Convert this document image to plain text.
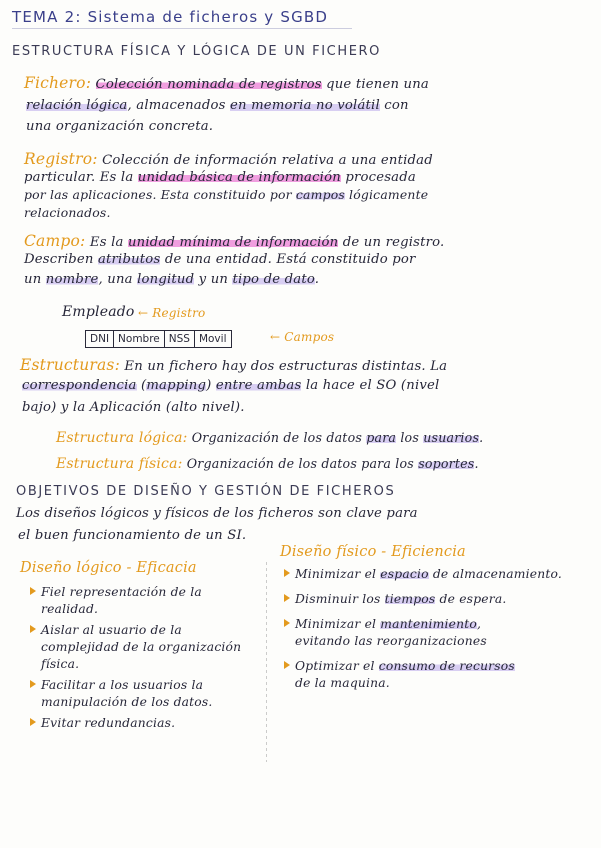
TEMA 2: Sistema de ficheros y SGBD
ESTRUCTURA FÍSICA Y LÓGICA DE UN FICHERO
Fichero: Colección nominada de registros que tienen una
relación lógica, almacenados en memoria no volátil con
una organización concreta.
Registro: Colección de información relativa a una entidad
particular. Es la unidad básica de información procesada
por las aplicaciones. Esta constituido por campos lógicamente
relacionados.
Campo: Es la unidad mínima de información de un registro.
Describen atributos de una entidad. Está constituido por
un nombre, una longitud y un tipo de dato.
Empleado ← Registro
DNI Nombre NSS Movil	← Campos
Estructuras: En un fichero hay dos estructuras distintas. La
correspondencia (mapping) entre ambas la hace el SO (nivel
bajo) y la Aplicación (alto nivel).
Estructura lógica: Organización de los datos para los usuarios.
Estructura física: Organización de los datos para los soportes.
OBJETIVOS DE DISEÑO Y GESTIÓN DE FICHEROS
Los diseños lógicos y físicos de los ficheros son clave para
el buen funcionamiento de un SI.
Diseño lógico - Eficacia
Fiel representación de la
realidad.
Aislar al usuario de la
complejidad de la organización
física.
Facilitar a los usuarios la
manipulación de los datos.
Evitar redundancias.
Diseño físico - Eficiencia
Minimizar el espacio de almacenamiento.
Disminuir los tiempos de espera.
Minimizar el mantenimiento,
evitando las reorganizaciones
Optimizar el consumo de recursos
de la maquina.
